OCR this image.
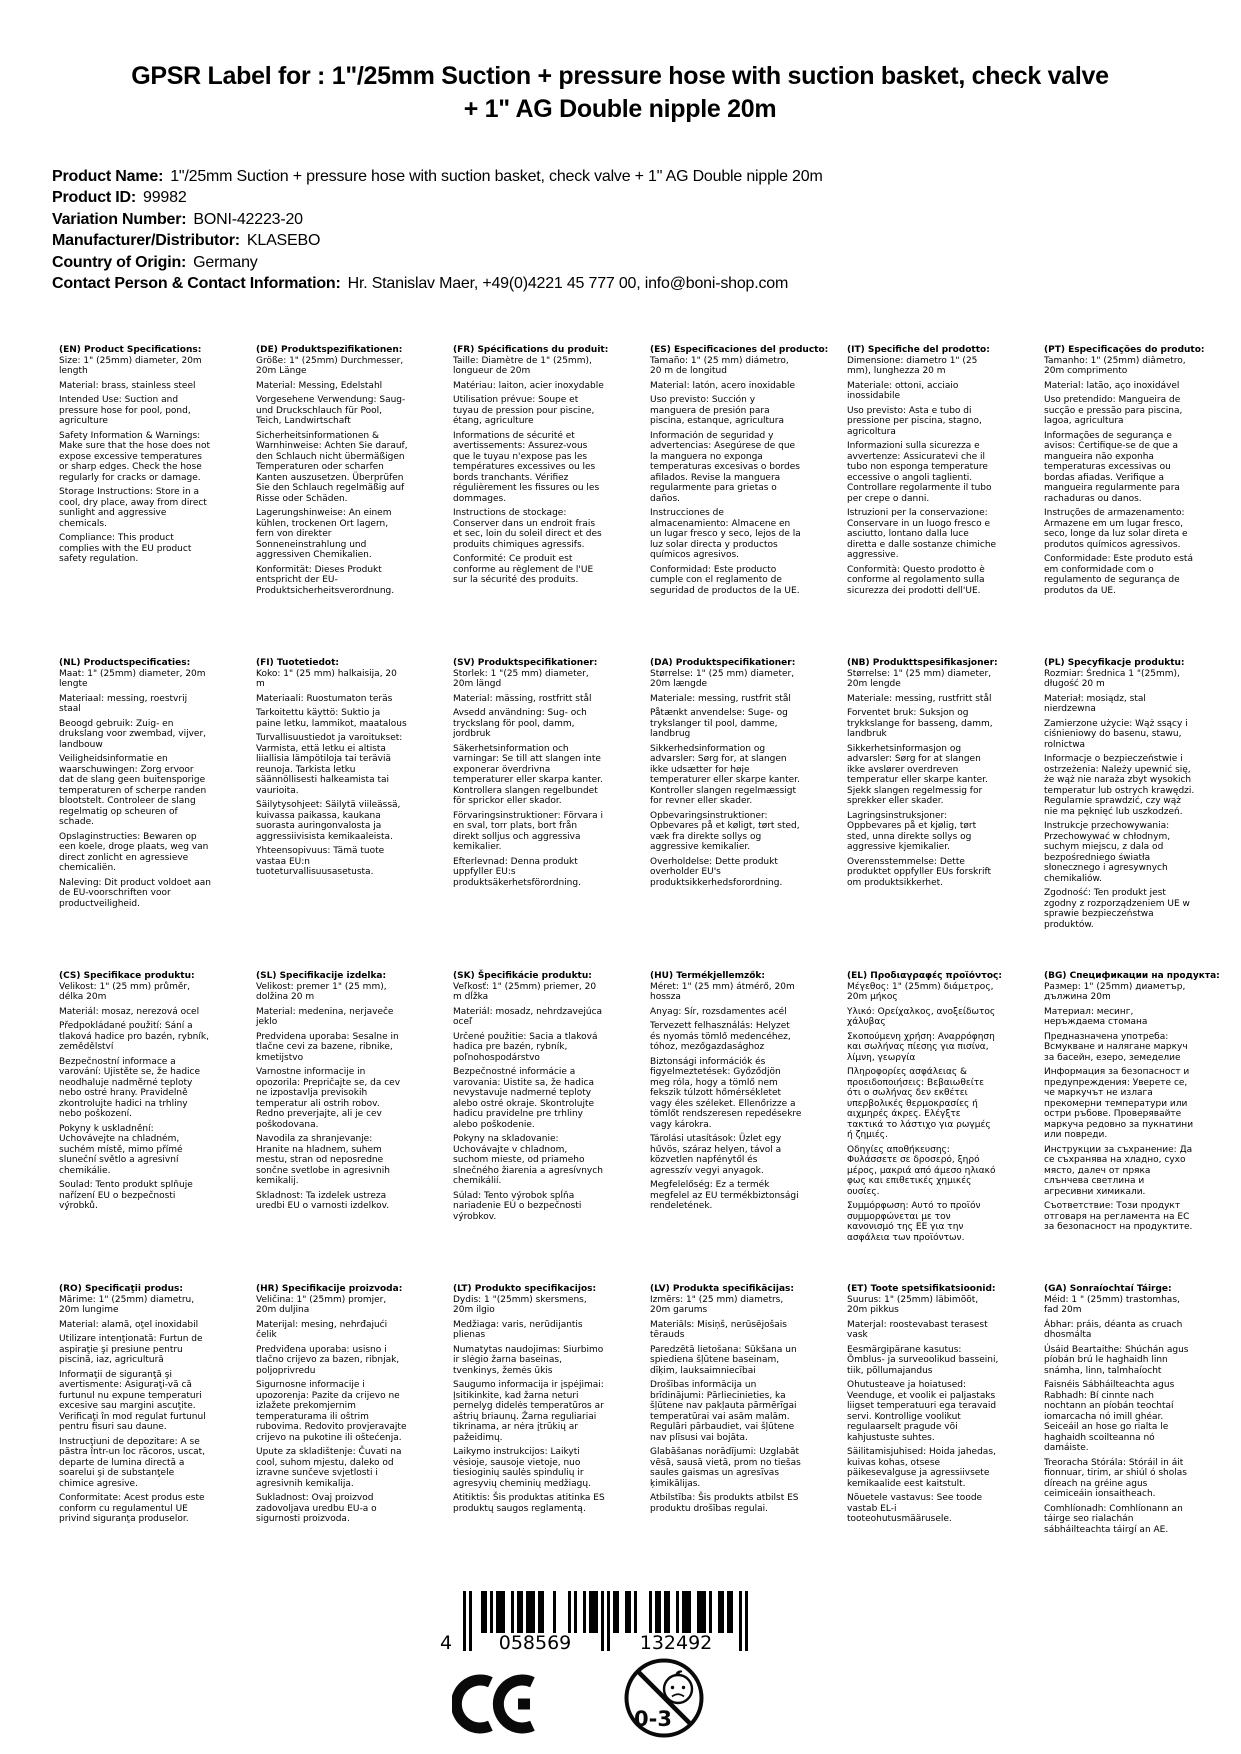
GPSR Label for : 1"/25mm Suction + pressure hose with suction basket, check valve + 1" AG Double nipple 20m
Product Name: 1"/25mm Suction + pressure hose with suction basket, check valve + 1" AG Double nipple 20m
Product ID: 99982
Variation Number: BONI-42223-20
Manufacturer/Distributor: KLASEBO
Country of Origin: Germany
Contact Person & Contact Information: Hr. Stanislav Maer, +49(0)4221 45 777 00, info@boni-shop.com
(EN) Product Specifications:

Size: 1" (25mm) diameter, 20m length

Material: brass, stainless steel

Intended Use: Suction and pressure hose for pool, pond, agriculture

Safety Information & Warnings: Make sure that the hose does not expose excessive temperatures or sharp edges. Check the hose regularly for cracks or damage.

Storage Instructions: Store in a cool, dry place, away from direct sunlight and aggressive chemicals.

Compliance: This product complies with the EU product safety regulation.

(DE) Produktspezifikationen:

Größe: 1" (25mm) Durchmesser, 20m Länge

Material: Messing, Edelstahl

Vorgesehene Verwendung: Saug- und Druckschlauch für Pool, Teich, Landwirtschaft

Sicherheitsinformationen & Warnhinweise: Achten Sie darauf, den Schlauch nicht übermäßigen Temperaturen oder scharfen Kanten auszusetzen. Überprüfen Sie den Schlauch regelmäßig auf Risse oder Schäden.

Lagerungshinweise: An einem kühlen, trockenen Ort lagern, fern von direkter Sonneneinstrahlung und aggressiven Chemikalien.

Konformität: Dieses Produkt entspricht der EU-Produktsicherheitsverordnung.

(FR) Spécifications du produit:

Taille: Diamètre de 1" (25mm), longueur de 20m

Matériau: laiton, acier inoxydable

Utilisation prévue: Soupe et tuyau de pression pour piscine, étang, agriculture

Informations de sécurité et avertissements: Assurez-vous que le tuyau n'expose pas les températures excessives ou les bords tranchants. Vérifiez régulièrement les fissures ou les dommages.

Instructions de stockage: Conserver dans un endroit frais et sec, loin du soleil direct et des produits chimiques agressifs.

Conformité: Ce produit est conforme au règlement de l'UE sur la sécurité des produits.

(ES) Especificaciones del producto:

Tamaño: 1" (25 mm) diámetro, 20 m de longitud

Material: latón, acero inoxidable

Uso previsto: Succión y manguera de presión para piscina, estanque, agricultura

Información de seguridad y advertencias: Asegúrese de que la manguera no exponga temperaturas excesivas o bordes afilados. Revise la manguera regularmente para grietas o daños.

Instrucciones de almacenamiento: Almacene en un lugar fresco y seco, lejos de la luz solar directa y productos químicos agresivos.

Conformidad: Este producto cumple con el reglamento de seguridad de productos de la UE.

(IT) Specifiche del prodotto:

Dimensione: diametro 1" (25 mm), lunghezza 20 m

Materiale: ottoni, acciaio inossidabile

Uso previsto: Asta e tubo di pressione per piscina, stagno, agricoltura

Informazioni sulla sicurezza e avvertenze: Assicuratevi che il tubo non esponga temperature eccessive o angoli taglienti. Controllare regolarmente il tubo per crepe o danni.

Istruzioni per la conservazione: Conservare in un luogo fresco e asciutto, lontano dalla luce diretta e dalle sostanze chimiche aggressive.

Conformità: Questo prodotto è conforme al regolamento sulla sicurezza dei prodotti dell'UE.

(PT) Especificações do produto:

Tamanho: 1" (25mm) diâmetro, 20m comprimento

Material: latão, aço inoxidável

Uso pretendido: Mangueira de sucção e pressão para piscina, lagoa, agricultura

Informações de segurança e avisos: Certifique-se de que a mangueira não exponha temperaturas excessivas ou bordas afiadas. Verifique a mangueira regularmente para rachaduras ou danos.

Instruções de armazenamento: Armazene em um lugar fresco, seco, longe da luz solar direta e produtos químicos agressivos.

Conformidade: Este produto está em conformidade com o regulamento de segurança de produtos da UE.

(NL) Productspecificaties:

Maat: 1" (25mm) diameter, 20m lengte

Materiaal: messing, roestvrij staal

Beoogd gebruik: Zuig- en drukslang voor zwembad, vijver, landbouw

Veiligheidsinformatie en waarschuwingen: Zorg ervoor dat de slang geen buitensporige temperaturen of scherpe randen blootstelt. Controleer de slang regelmatig op scheuren of schade.

Opslaginstructies: Bewaren op een koele, droge plaats, weg van direct zonlicht en agressieve chemicaliën.

Naleving: Dit product voldoet aan de EU-voorschriften voor productveiligheid.

(FI) Tuotetiedot:

Koko: 1" (25 mm) halkaisija, 20 m

Materiaali: Ruostumaton teräs

Tarkoitettu käyttö: Suktio ja paine letku, lammikot, maatalous

Turvallisuustiedot ja varoitukset: Varmista, että letku ei altista liiallisia lämpötiloja tai teräviä reunoja. Tarkista letku säännöllisesti halkeamista tai vaurioita.

Säilytysohjeet: Säilytä viileässä, kuivassa paikassa, kaukana suorasta auringonvalosta ja aggressiivisista kemikaaleista.

Yhteensopivuus: Tämä tuote vastaa EU:n tuoteturvallisuusasetusta.

(SV) Produktspecifikationer:

Storlek: 1 "(25 mm) diameter, 20m längd

Material: mässing, rostfritt stål

Avsedd användning: Sug- och tryckslang för pool, damm, jordbruk

Säkerhetsinformation och varningar: Se till att slangen inte exponerar överdrivna temperaturer eller skarpa kanter. Kontrollera slangen regelbundet för sprickor eller skador.

Förvaringsinstruktioner: Förvara i en sval, torr plats, bort från direkt solljus och aggressiva kemikalier.

Efterlevnad: Denna produkt uppfyller EU:s produktsäkerhetsförordning.

(DA) Produktspecifikationer:

Størrelse: 1" (25 mm) diameter, 20m længde

Materiale: messing, rustfrit stål

Påtænkt anvendelse: Suge- og trykslanger til pool, damme, landbrug

Sikkerhedsinformation og advarsler: Sørg for, at slangen ikke udsætter for høje temperaturer eller skarpe kanter. Kontroller slangen regelmæssigt for revner eller skader.

Opbevaringsinstruktioner: Opbevares på et køligt, tørt sted, væk fra direkte sollys og aggressive kemikalier.

Overholdelse: Dette produkt overholder EU's produktsikkerhedsforordning.

(NB) Produkttspesifikasjoner:

Størrelse: 1" (25 mm) diameter, 20m lengde

Materiale: messing, rustfritt stål

Forventet bruk: Suksjon og trykkslange for basseng, damm, landbruk

Sikkerhetsinformasjon og advarsler: Sørg for at slangen ikke avslører overdreven temperatur eller skarpe kanter. Sjekk slangen regelmessig for sprekker eller skader.

Lagringsinstruksjoner: Oppbevares på et kjølig, tørt sted, unna direkte sollys og aggressive kjemikalier.

Overensstemmelse: Dette produktet oppfyller EUs forskrift om produktsikkerhet.

(PL) Specyfikacje produktu:

Rozmiar: Średnica 1 "(25mm), długość 20 m

Materiał: mosiądz, stal nierdzewna

Zamierzone użycie: Wąż ssący i ciśnieniowy do basenu, stawu, rolnictwa

Informacje o bezpieczeństwie i ostrzeżenia: Należy upewnić się, że wąż nie naraża zbyt wysokich temperatur lub ostrych krawędzi. Regularnie sprawdzić, czy wąż nie ma pęknięć lub uszkodzeń.

Instrukcje przechowywania: Przechowywać w chłodnym, suchym miejscu, z dala od bezpośredniego światła słonecznego i agresywnych chemikaliów.

Zgodność: Ten produkt jest zgodny z rozporządzeniem UE w sprawie bezpieczeństwa produktów.

(CS) Specifikace produktu:

Velikost: 1" (25 mm) průměr, délka 20m

Materiál: mosaz, nerezová ocel

Předpokládané použití: Sání a tlaková hadice pro bazén, rybník, zemědělství

Bezpečnostní informace a varování: Ujistěte se, že hadice neodhaluje nadměrné teploty nebo ostré hrany. Pravidelně zkontrolujte hadici na trhliny nebo poškození.

Pokyny k uskladnění: Uchovávejte na chladném, suchém místě, mimo přímé sluneční světlo a agresivní chemikálie.

Soulad: Tento produkt splňuje nařízení EU o bezpečnosti výrobků.

(SL) Specifikacije izdelka:

Velikost: premer 1" (25 mm), dolžina 20 m

Material: medenina, nerjaveče jeklo

Predvidena uporaba: Sesalne in tlačne cevi za bazene, ribnike, kmetijstvo

Varnostne informacije in opozorila: Prepričajte se, da cev ne izpostavlja previsokih temperatur ali ostrih robov. Redno preverjajte, ali je cev poškodovana.

Navodila za shranjevanje: Hranite na hladnem, suhem mestu, stran od neposredne sončne svetlobe in agresivnih kemikalij.

Skladnost: Ta izdelek ustreza uredbi EU o varnosti izdelkov.

(SK) Špecifikácie produktu:

Veľkosť: 1" (25mm) priemer, 20 m dĺžka

Materiál: mosadz, nehrdzavejúca oceľ

Určené použitie: Sacia a tlaková hadica pre bazén, rybník, poľnohospodárstvo

Bezpečnostné informácie a varovania: Uistite sa, že hadica nevystavuje nadmerné teploty alebo ostré okraje. Skontrolujte hadicu pravidelne pre trhliny alebo poškodenie.

Pokyny na skladovanie: Uchovávajte v chladnom, suchom mieste, od priameho slnečného žiarenia a agresívnych chemikálií.

Súlad: Tento výrobok spĺňa nariadenie EÚ o bezpečnosti výrobkov.

(HU) Termékjellemzők:

Méret: 1" (25 mm) átmérő, 20m hossza

Anyag: Sír, rozsdamentes acél

Tervezett felhasználás: Helyzet és nyomás tömlő medencéhez, tóhoz, mezőgazdasághoz

Biztonsági információk és figyelmeztetések: Győződjön meg róla, hogy a tömlő nem fekszik túlzott hőmérsékletet vagy éles széleket. Ellenőrizze a tömlőt rendszeresen repedésekre vagy károkra.

Tárolási utasítások: Üzlet egy hűvös, száraz helyen, távol a közvetlen napfénytől és agresszív vegyi anyagok.

Megfelelőség: Ez a termék megfelel az EU termékbiztonsági rendeletének.

(EL) Προδιαγραφές προϊόντος:

Μέγεθος: 1" (25mm) διάμετρος, 20m μήκος

Υλικό: Ορείχαλκος, ανοξείδωτος χάλυβας

Σκοπούμενη χρήση: Αναρρόφηση και σωλήνας πίεσης για πισίνα, λίμνη, γεωργία

Πληροφορίες ασφάλειας & προειδοποιήσεις: Βεβαιωθείτε ότι ο σωλήνας δεν εκθέτει υπερβολικές θερμοκρασίες ή αιχμηρές άκρες. Ελέγξτε τακτικά το λάστιχο για ρωγμές ή ζημιές.

Οδηγίες αποθήκευσης: Φυλάσσετε σε δροσερό, ξηρό μέρος, μακριά από άμεσο ηλιακό φως και επιθετικές χημικές ουσίες.

Συμμόρφωση: Αυτό το προϊόν συμμορφώνεται με τον κανονισμό της ΕΕ για την ασφάλεια των προϊόντων.

(BG) Спецификации на продукта:

Размер: 1" (25mm) диаметър, дължина 20m

Материал: месинг, неръждаема стомана

Предназначена употреба: Всмукване и налягане маркуч за басейн, езеро, земеделие

Информация за безопасност и предупреждения: Уверете се, че маркучът не излага прекомерни температури или остри ръбове. Проверявайте маркуча редовно за пукнатини или повреди.

Инструкции за съхранение: Да се съхранява на хладно, сухо място, далеч от пряка слънчева светлина и агресивни химикали.

Съответствие: Този продукт отговаря на регламента на ЕС за безопасност на продуктите.

(RO) Specificaţii produs:

Mărime: 1" (25mm) diametru, 20m lungime

Material: alamă, oţel inoxidabil

Utilizare intenţionată: Furtun de aspiraţie şi presiune pentru piscină, iaz, agricultură

Informaţii de siguranţă şi avertismente: Asiguraţi-vă că furtunul nu expune temperaturi excesive sau margini ascuţite. Verificaţi în mod regulat furtunul pentru fisuri sau daune.

Instrucţiuni de depozitare: A se păstra într-un loc răcoros, uscat, departe de lumina directă a soarelui şi de substanţele chimice agresive.

Conformitate: Acest produs este conform cu regulamentul UE privind siguranţa produselor.

(HR) Specifikacije proizvoda:

Veličina: 1" (25mm) promjer, 20m duljina

Materijal: mesing, nehrđajući čelik

Predviđena uporaba: usisno i tlačno crijevo za bazen, ribnjak, poljoprivredu

Sigurnosne informacije i upozorenja: Pazite da crijevo ne izlažete prekomjernim temperaturama ili oštrim rubovima. Redovito provjeravajte crijevo na pukotine ili oštećenja.

Upute za skladištenje: Čuvati na cool, suhom mjestu, daleko od izravne sunčeve svjetlosti i agresivnih kemikalija.

Sukladnost: Ovaj proizvod zadovoljava uredbu EU-a o sigurnosti proizvoda.

(LT) Produkto specifikacijos:

Dydis: 1 "(25mm) skersmens, 20m ilgio

Medžiaga: varis, nerūdijantis plienas

Numatytas naudojimas: Siurbimo ir slėgio žarna baseinas, tvenkinys, žemės ūkis

Saugumo informacija ir įspėjimai: Įsitikinkite, kad žarna neturi pernelyg didelės temperatūros ar aštrių briaunų. Žarna reguliariai tikrinama, ar nėra įtrūkių ar pažeidimų.

Laikymo instrukcijos: Laikyti vėsioje, sausoje vietoje, nuo tiesioginių saulės spindulių ir agresyvių cheminių medžiagų.

Atitiktis: Šis produktas atitinka ES produktų saugos reglamentą.

(LV) Produkta specifikācijas:

Izmērs: 1" (25 mm) diametrs, 20m garums

Materiāls: Misiņš, nerūsējošais tērauds

Paredzētā lietošana: Sūkšana un spiediena šļūtene baseinam, dīķim, lauksaimniecībai

Drošības informācija un brīdinājumi: Pārliecinieties, ka šļūtene nav pakļauta pārmērīgai temperatūrai vai asām malām. Regulāri pārbaudiet, vai šļūtene nav plīsusi vai bojāta.

Glabāšanas norādījumi: Uzglabāt vēsā, sausā vietā, prom no tiešas saules gaismas un agresīvas ķimikālijas.

Atbilstība: Šis produkts atbilst ES produktu drošības regulai.

(ET) Toote spetsifikatsioonid:

Suurus: 1" (25mm) läbimõõt, 20m pikkus

Materjal: roostevabast terasest vask

Eesmärgipärane kasutus: Õmblus- ja surveoolikud basseini, tiik, põllumajandus

Ohutusteave ja hoiatused: Veenduge, et voolik ei paljastaks liigset temperatuuri ega teravaid servi. Kontrollige voolikut regulaarselt pragude või kahjustuste suhtes.

Säilitamisjuhised: Hoida jahedas, kuivas kohas, otsese päikesevalguse ja agressiivsete kemikaalide eest kaitstult.

Nõuetele vastavus: See toode vastab EL-i tooteohutusmäärusele.

(GA) Sonraíochtaí Táirge:

Méid: 1 " (25mm) trastomhas, fad 20m

Ábhar: práis, déanta as cruach dhosmálta

Úsáid Beartaithe: Shúchán agus píobán brú le haghaidh linn snámha, linn, talmhaíocht

Faisnéis Sábháilteachta agus Rabhadh: Bí cinnte nach nochtann an píobán teochtaí iomarcacha nó imill ghéar. Seiceáil an hose go rialta le haghaidh scoilteanna nó damáiste.

Treoracha Stórála: Stóráil in áit fionnuar, tirim, ar shiúl ó sholas díreach na gréine agus ceimiceáin ionsaitheach.

Comhlíonadh: Comhlíonann an táirge seo rialachán sábháilteachta táirgí an AE.

4 058569	132492
0-3
